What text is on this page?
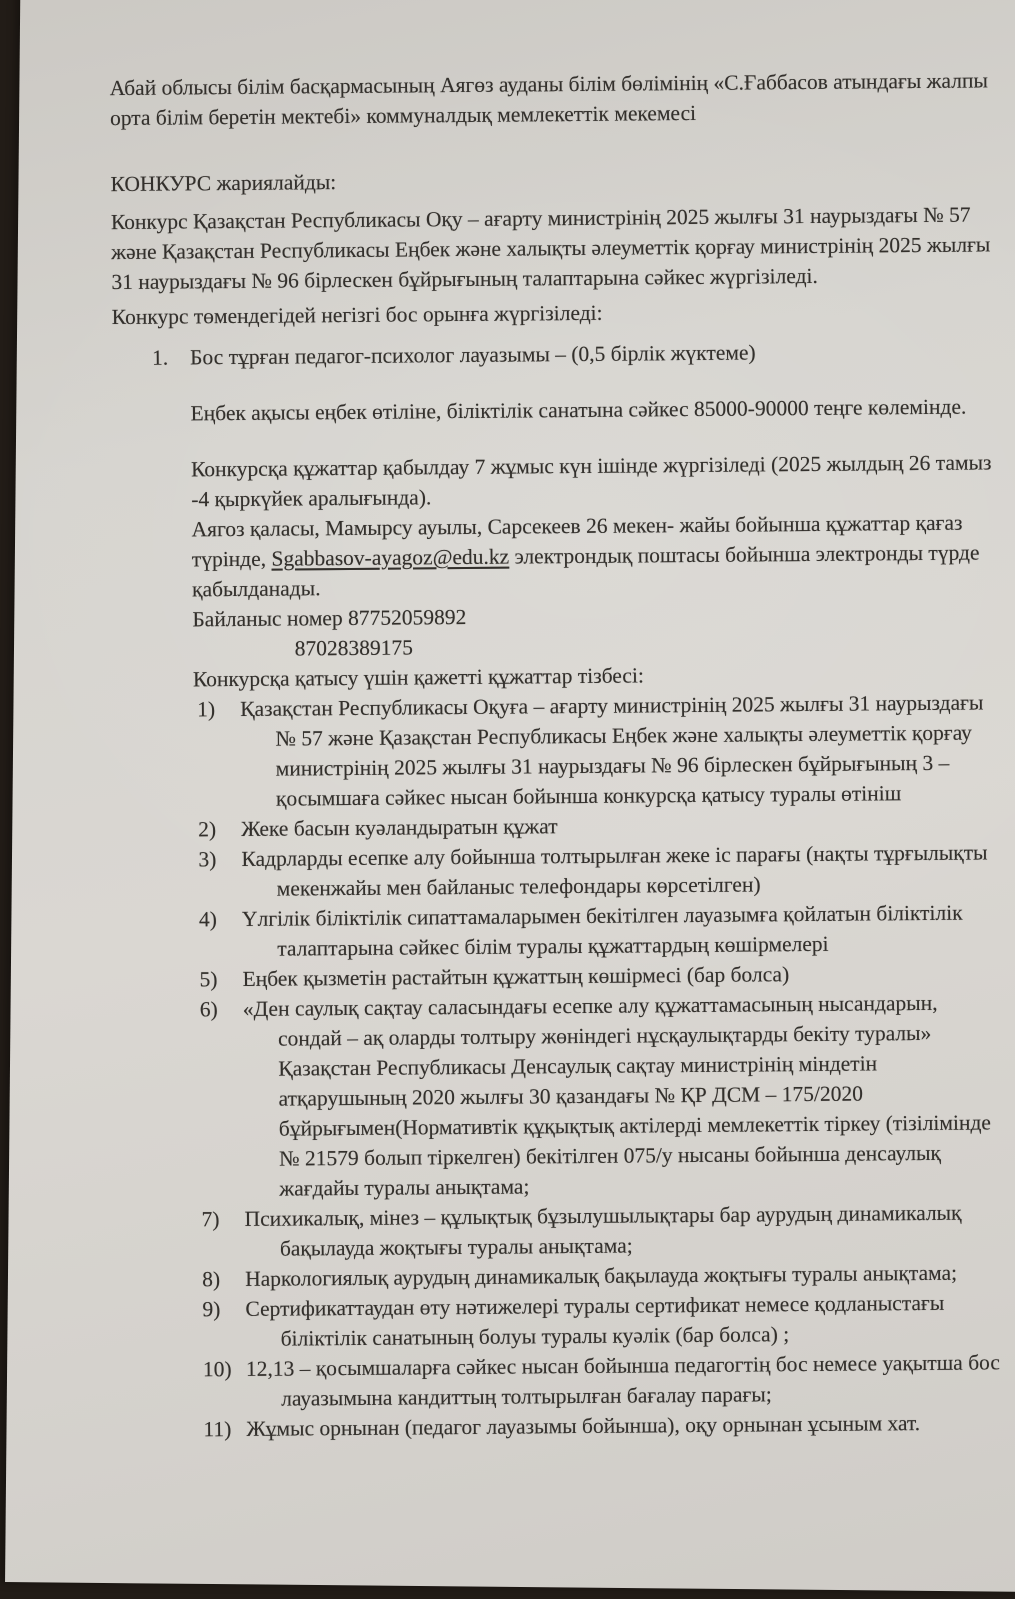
Абай облысы білім басқармасының Аягөз ауданы білім бөлімінің «С.Ғаббасов атындағы жалпы орта білім беретін мектебі» коммуналдық мемлекеттік мекемесі

КОНКУРС жариялайды:

Конкурс Қазақстан Республикасы Оқу – ағарту министрінің 2025 жылғы 31 наурыздағы № 57 және Қазақстан Республикасы Еңбек және халықты әлеуметтік қорғау министрінің 2025 жылғы 31 наурыздағы № 96 бірлескен бұйрығының талаптарына сәйкес жүргізіледі.

Конкурс төмендегідей негізгі бос орынға жүргізіледі:

1. Бос тұрған педагог-психолог лауазымы – (0,5 бірлік жүктеме)

Еңбек ақысы еңбек өтіліне, біліктілік санатына сәйкес 85000-90000 теңге көлемінде.

Конкурсқа құжаттар қабылдау 7 жұмыс күн ішінде жүргізіледі (2025 жылдың 26 тамыз -4 қыркүйек аралығында).

Аягоз қаласы, Мамырсу ауылы, Сарсекеев 26 мекен- жайы бойынша құжаттар қағаз түрінде, Sgabbasov-ayagoz@edu.kz электрондық поштасы бойынша электронды түрде қабылданады.

Байланыс номер 87752059892

87028389175

Конкурсқа қатысу үшін қажетті құжаттар тізбесі:

1) Қазақстан Республикасы Оқуға – ағарту министрінің 2025 жылғы 31 наурыздағы № 57 және Қазақстан Республикасы Еңбек және халықты әлеуметтік қорғау министрінің 2025 жылғы 31 наурыздағы № 96 бірлескен бұйрығының 3 – қосымшаға сәйкес нысан бойынша конкурсқа қатысу туралы өтініш
2) Жеке басын куәландыратын құжат
3) Кадрларды есепке алу бойынша толтырылған жеке іс парағы (нақты тұрғылықты мекенжайы мен байланыс телефондары көрсетілген)
4) Үлгілік біліктілік сипаттамаларымен бекітілген лауазымға қойлатын біліктілік талаптарына сәйкес білім туралы құжаттардың көшірмелері
5) Еңбек қызметін растайтын құжаттың көшірмесі (бар болса)
6) «Ден саулық сақтау саласындағы есепке алу құжаттамасының нысандарын, сондай – ақ оларды толтыру жөніндегі нұсқаулықтарды бекіту туралы» Қазақстан Республикасы Денсаулық сақтау министрінің міндетін атқарушының 2020 жылғы 30 қазандағы № ҚР ДСМ – 175/2020 бұйрығымен(Нормативтік құқықтық актілерді мемлекеттік тіркеу (тізілімінде № 21579 болып тіркелген) бекітілген 075/у нысаны бойынша денсаулық жағдайы туралы анықтама;
7) Психикалық, мінез – құлықтық бұзылушылықтары бар аурудың динамикалық бақылауда жоқтығы туралы анықтама;
8) Наркологиялық аурудың динамикалық бақылауда жоқтығы туралы анықтама;
9) Сертификаттаудан өту нәтижелері туралы сертификат немесе қодланыстағы біліктілік санатының болуы туралы куәлік (бар болса) ;
10) 12,13 – қосымшаларға сәйкес нысан бойынша педагогтің бос немесе уақытша бос лауазымына кандиттың толтырылған бағалау парағы;
11) Жұмыс орнынан (педагог лауазымы бойынша), оқу орнынан ұсыным хат.
